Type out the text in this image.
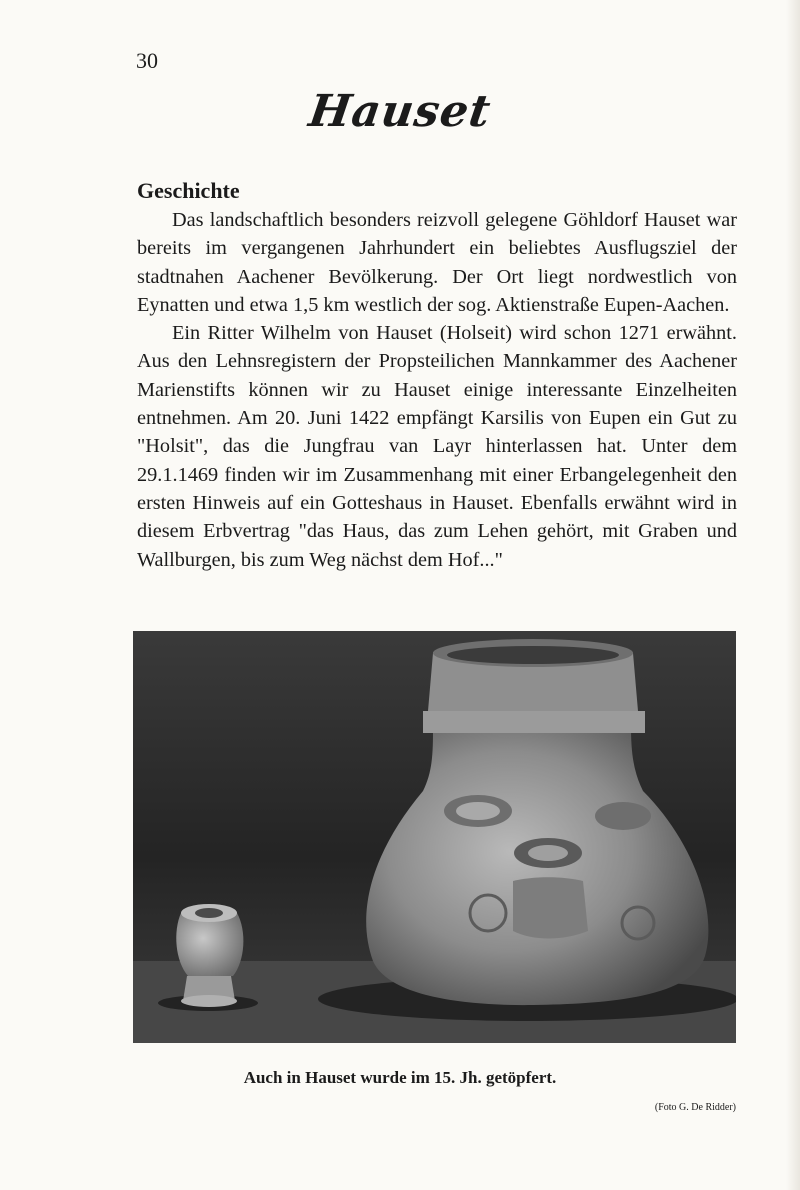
30
Hauset
Geschichte

Das landschaftlich besonders reizvoll gelegene Göhldorf Hauset war bereits im vergangenen Jahrhundert ein beliebtes Ausflugsziel der stadtnahen Aachener Bevölkerung. Der Ort liegt nordwestlich von Eynatten und etwa 1,5 km westlich der sog. Aktienstraße Eupen-Aachen.

Ein Ritter Wilhelm von Hauset (Holseit) wird schon 1271 erwähnt. Aus den Lehnsregistern der Propsteilichen Mannkammer des Aachener Marienstifts können wir zu Hauset einige interessante Einzelheiten entnehmen. Am 20. Juni 1422 empfängt Karsilis von Eupen ein Gut zu "Holsit", das die Jungfrau van Layr hinterlassen hat. Unter dem 29.1.1469 finden wir im Zusammenhang mit einer Erbangelegenheit den ersten Hinweis auf ein Gotteshaus in Hauset. Ebenfalls erwähnt wird in diesem Erbvertrag "das Haus, das zum Lehen gehört, mit Graben und Wallburgen, bis zum Weg nächst dem Hof..."

Auch in Hauset wurde im 15. Jh. getöpfert.
(Foto G. De Ridder)
